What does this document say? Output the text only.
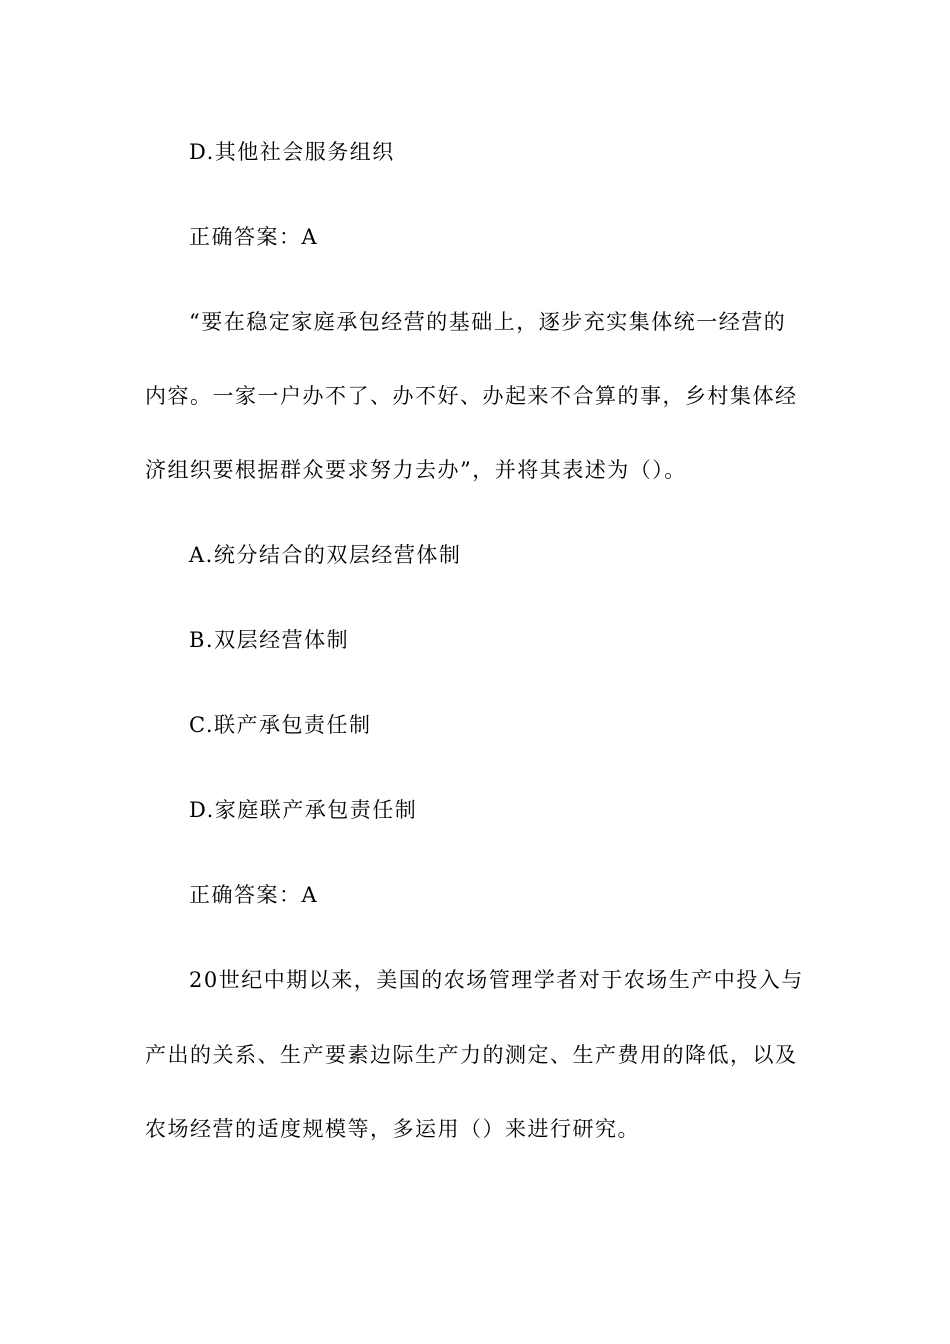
D.其他社会服务组织
正确答案：A
“要在稳定家庭承包经营的基础上，逐步充实集体统一经营的
内容。一家一户办不了、办不好、办起来不合算的事，乡村集体经
济组织要根据群众要求努力去办”，并将其表述为（）。
A.统分结合的双层经营体制
B.双层经营体制
C.联产承包责任制
D.家庭联产承包责任制
正确答案：A
20世纪中期以来，美国的农场管理学者对于农场生产中投入与
产出的关系、生产要素边际生产力的测定、生产费用的降低，以及
农场经营的适度规模等，多运用（）来进行研究。
